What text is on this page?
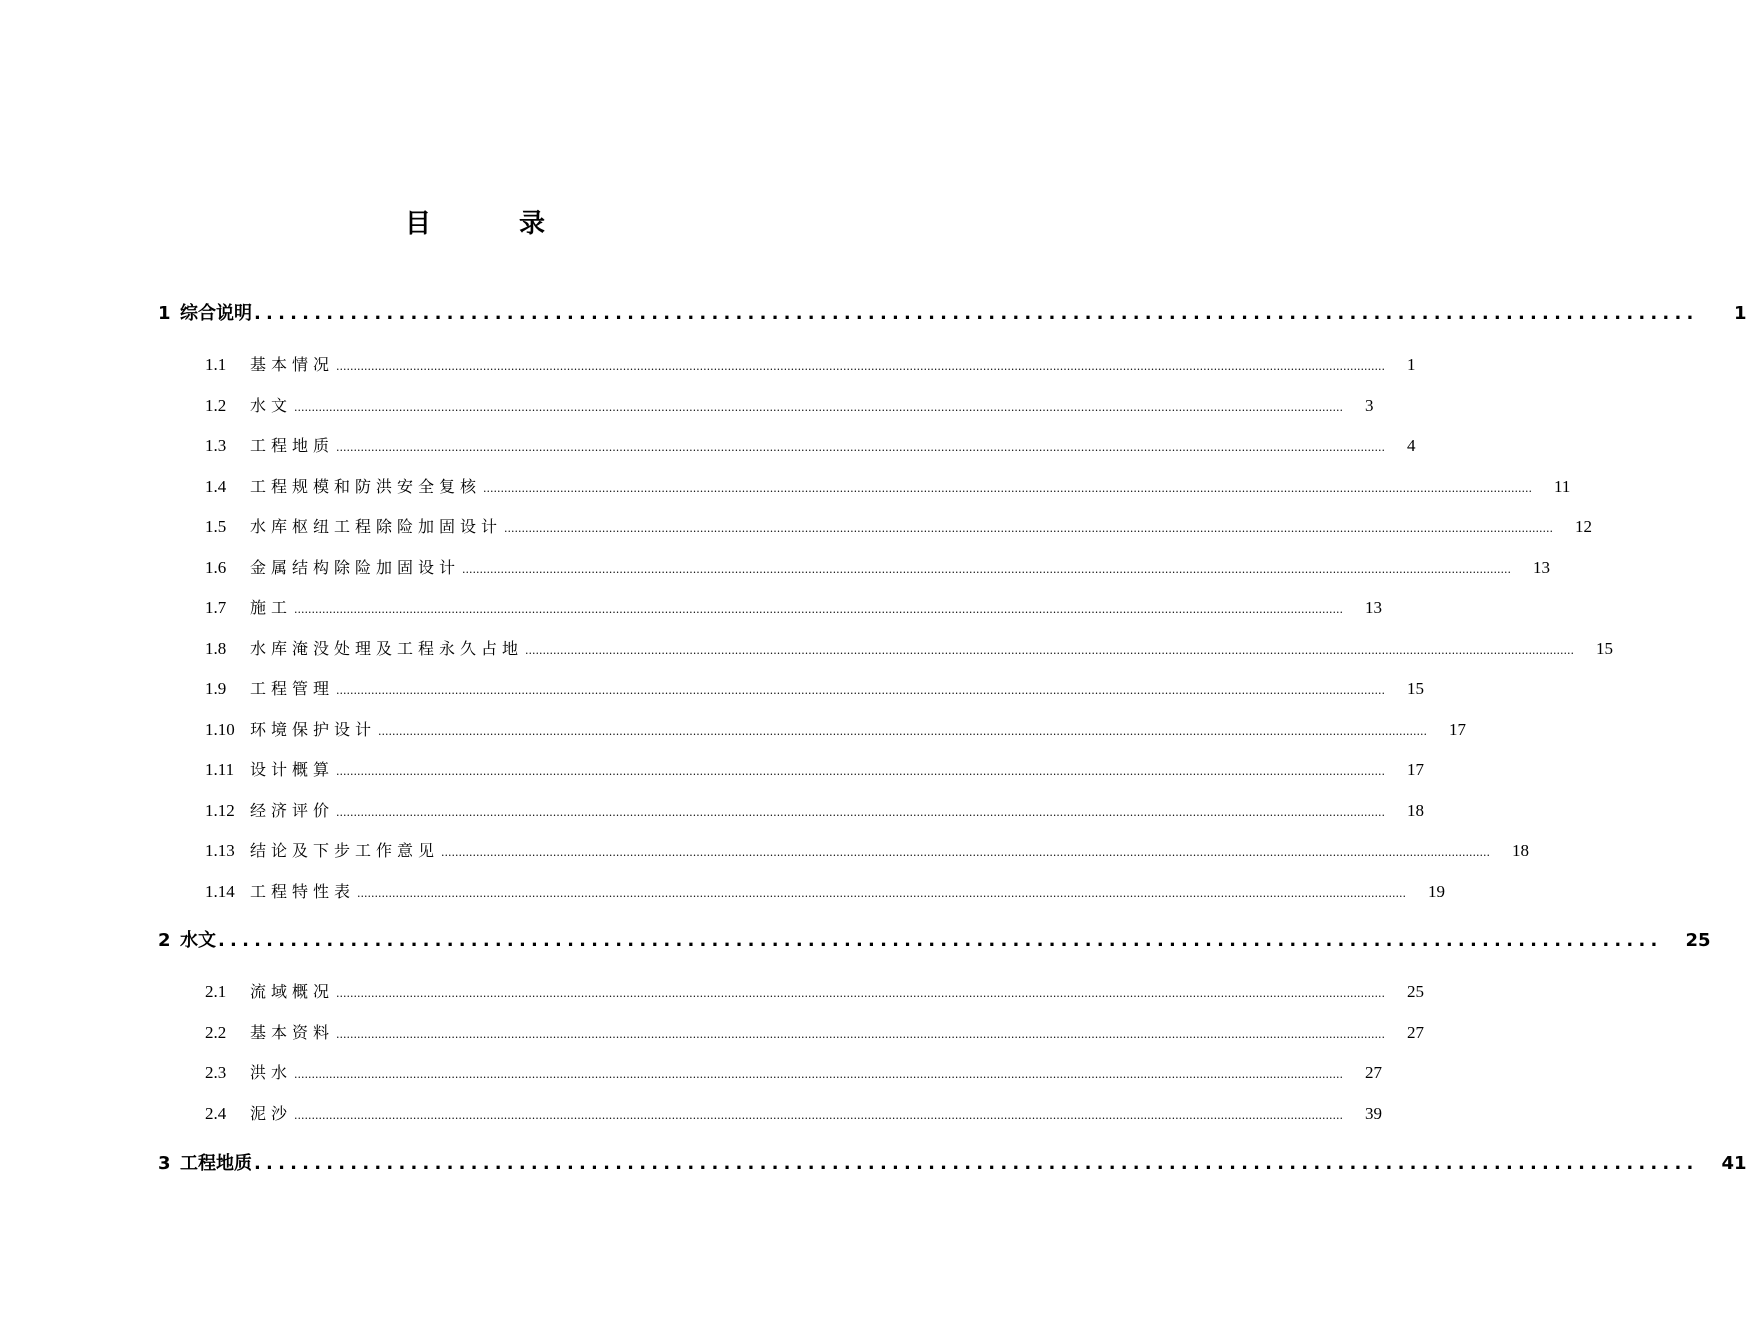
目录
1 综合说明 ........................................................................................................................	1
1.1	基本情况 ............................................................................................................................................................................................................................................................................................................ 1
1.2	水文 ............................................................................................................................................................................................................................................................................................................ 3
1.3	工程地质 ............................................................................................................................................................................................................................................................................................................ 4
1.4	工程规模和防洪安全复核 ............................................................................................................................................................................................................................................................................................................ 11
1.5	水库枢纽工程除险加固设计 ............................................................................................................................................................................................................................................................................................................ 12
1.6	金属结构除险加固设计 ............................................................................................................................................................................................................................................................................................................ 13
1.7	施工 ............................................................................................................................................................................................................................................................................................................ 13
1.8	水库淹没处理及工程永久占地 ............................................................................................................................................................................................................................................................................................................ 15
1.9	工程管理 ............................................................................................................................................................................................................................................................................................................ 15
1.10 环境保护设计 ............................................................................................................................................................................................................................................................................................................ 17
1.11 设计概算 ............................................................................................................................................................................................................................................................................................................ 17
1.12 经济评价 ............................................................................................................................................................................................................................................................................................................ 18
1.13 结论及下步工作意见 ............................................................................................................................................................................................................................................................................................................ 18
1.14 工程特性表 ............................................................................................................................................................................................................................................................................................................ 19
2 水文 ........................................................................................................................ 25
2.1	流域概况 ............................................................................................................................................................................................................................................................................................................ 25
2.2	基本资料 ............................................................................................................................................................................................................................................................................................................ 27
2.3	洪水 ............................................................................................................................................................................................................................................................................................................ 27
2.4	泥沙 ............................................................................................................................................................................................................................................................................................................ 39
3 工程地质 ........................................................................................................................ 41
